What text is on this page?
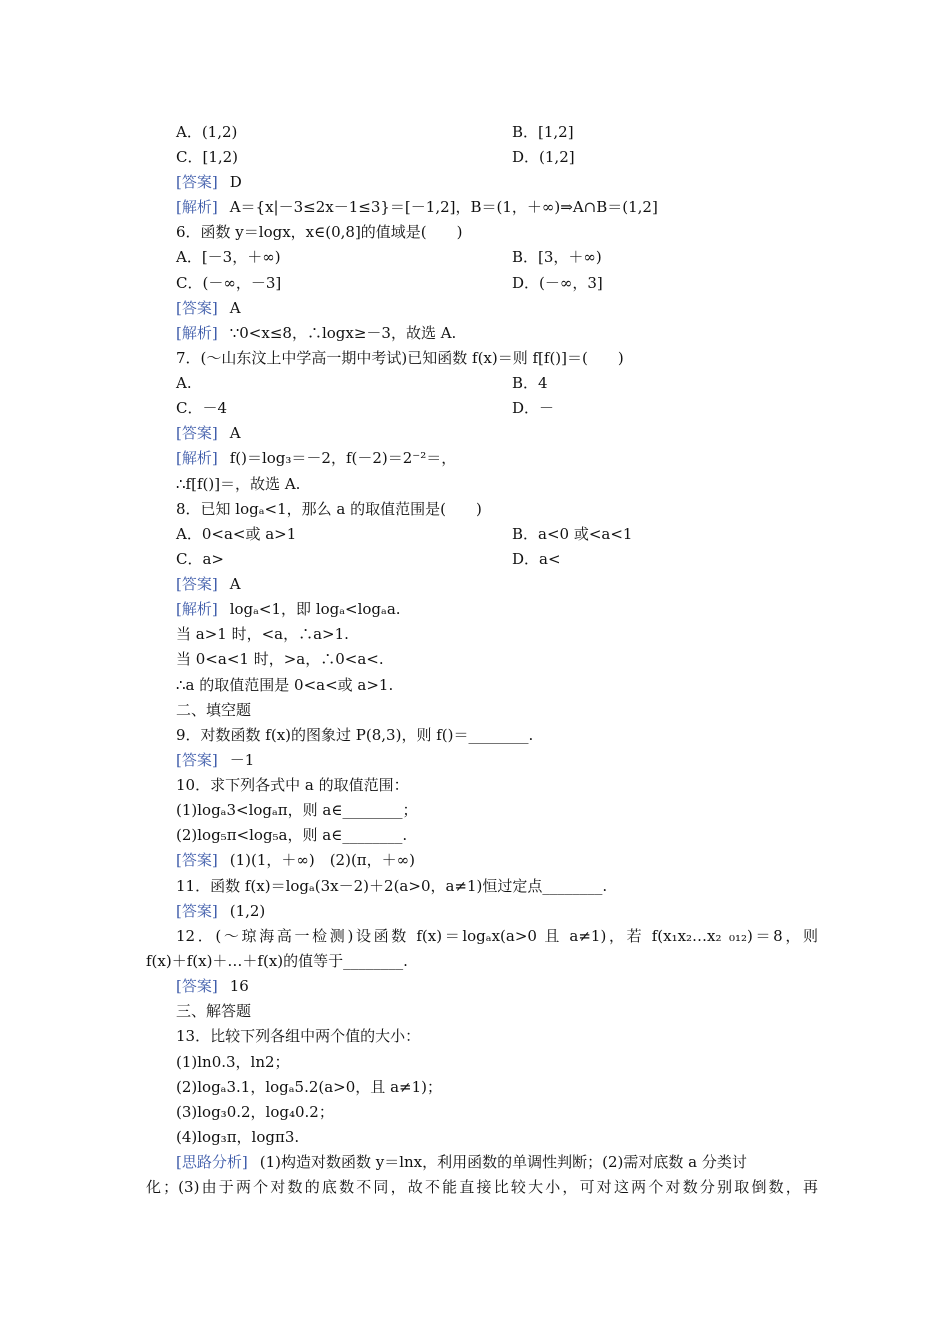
A．(1,2)	B．[1,2]
C．[1,2)	D．(1,2]
[答案] D
[解析] A＝{x|－3≤2x－1≤3}＝[－1,2]，B＝(1，＋∞)⇒A∩B＝(1,2]
6．函数 y＝logx，x∈(0,8]的值域是(　　)
A．[－3，＋∞)	B．[3，＋∞)
C．(－∞，－3]	D．(－∞，3]
[答案] A
[解析] ∵0<x≤8，∴logx≥－3，故选 A.
7．(～山东汶上中学高一期中考试)已知函数 f(x)＝则 f[f()]＝(　　)
A.	B．4
C．－4	D．－
[答案] A
[解析] f()＝log₃＝－2，f(－2)＝2⁻²＝，
∴f[f()]＝，故选 A.
8．已知 logₐ<1，那么 a 的取值范围是(　　)
A．0<a<或 a>1	B．a<0 或<a<1
C．a>	D．a<
[答案] A
[解析] logₐ<1，即 logₐ<logₐa.
当 a>1 时，<a，∴a>1.
当 0<a<1 时，>a，∴0<a<.
∴a 的取值范围是 0<a<或 a>1.
二、填空题
9．对数函数 f(x)的图象过 P(8,3)，则 f()＝________.
[答案] －1
10．求下列各式中 a 的取值范围：
(1)logₐ3<logₐπ，则 a∈________；
(2)log₅π<log₅a，则 a∈________.
[答案] (1)(1，＋∞)　(2)(π，＋∞)
11．函数 f(x)＝logₐ(3x－2)＋2(a>0，a≠1)恒过定点________.
[答案] (1,2)
12．(～琼海高一检测)设函数 f(x)＝logₐx(a>0 且 a≠1)，若 f(x₁x₂…x₂ ₀₁₂)＝8，则
f(x)＋f(x)＋…＋f(x)的值等于________.
[答案] 16
三、解答题
13．比较下列各组中两个值的大小：
(1)ln0.3，ln2；
(2)logₐ3.1，logₐ5.2(a>0，且 a≠1)；
(3)log₃0.2，log₄0.2；
(4)log₃π，logπ3.
[思路分析] (1)构造对数函数 y＝lnx，利用函数的单调性判断；(2)需对底数 a 分类讨
化；(3)由于两个对数的底数不同，故不能直接比较大小，可对这两个对数分别取倒数，再
